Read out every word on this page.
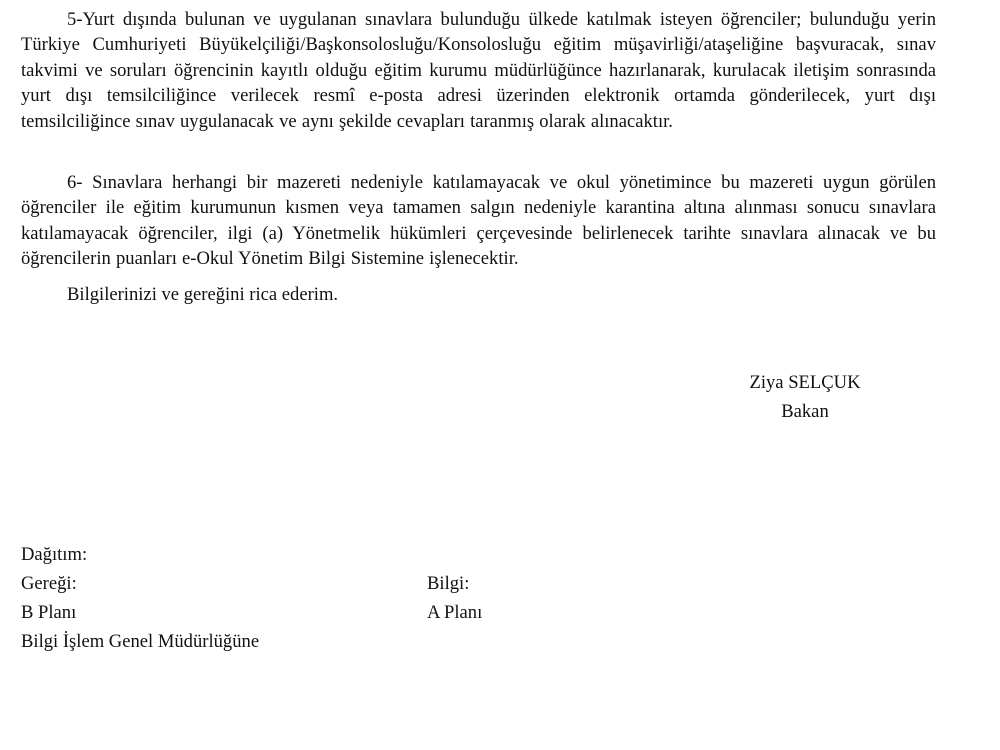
5-Yurt dışında bulunan ve uygulanan sınavlara bulunduğu ülkede katılmak isteyen öğrenciler; bulunduğu yerin Türkiye Cumhuriyeti Büyükelçiliği/Başkonsolosluğu/Konsolosluğu eğitim müşavirliği/ataşeliğine başvuracak, sınav takvimi ve soruları öğrencinin kayıtlı olduğu eğitim kurumu müdürlüğünce hazırlanarak, kurulacak iletişim sonrasında yurt dışı temsilciliğince verilecek resmî e-posta adresi üzerinden elektronik ortamda gönderilecek, yurt dışı temsilciliğince sınav uygulanacak ve aynı şekilde cevapları taranmış olarak alınacaktır.

6- Sınavlara herhangi bir mazereti nedeniyle katılamayacak ve okul yönetimince bu mazereti uygun görülen öğrenciler ile eğitim kurumunun kısmen veya tamamen salgın nedeniyle karantina altına alınması sonucu sınavlara katılamayacak öğrenciler, ilgi (a) Yönetmelik hükümleri çerçevesinde belirlenecek tarihte sınavlara alınacak ve bu öğrencilerin puanları e-Okul Yönetim Bilgi Sistemine işlenecektir.

Bilgilerinizi ve gereğini rica ederim.

Ziya SELÇUK
Bakan

Dağıtım:

Gereği:
B Planı
Bilgi İşlem Genel Müdürlüğüne
Bilgi:
A Planı
